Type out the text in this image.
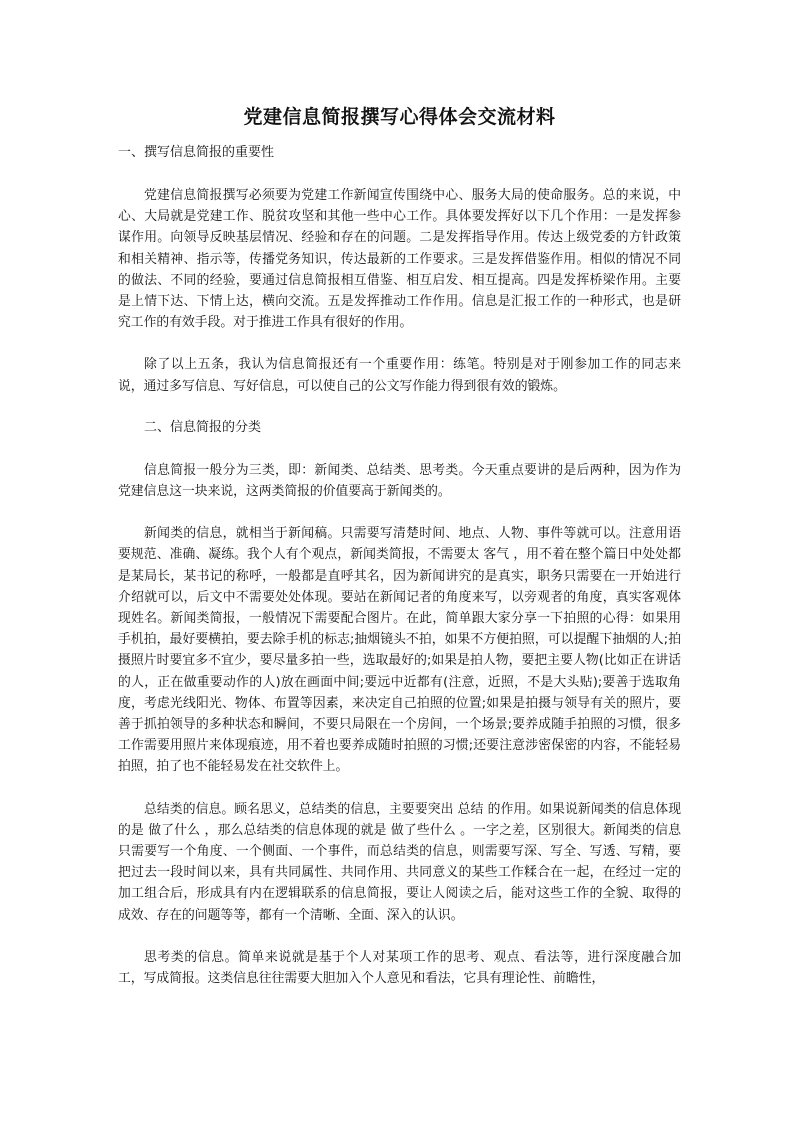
党建信息简报撰写心得体会交流材料

一、撰写信息简报的重要性

党建信息简报撰写必须要为党建工作新闻宣传围绕中心、服务大局的使命服务。总的来说，中心、大局就是党建工作、脱贫攻坚和其他一些中心工作。具体要发挥好以下几个作用：一是发挥参谋作用。向领导反映基层情况、经验和存在的问题。二是发挥指导作用。传达上级党委的方针政策和相关精神、指示等，传播党务知识，传达最新的工作要求。三是发挥借鉴作用。相似的情况不同的做法、不同的经验，要通过信息简报相互借鉴、相互启发、相互提高。四是发挥桥梁作用。主要是上情下达、下情上达，横向交流。五是发挥推动工作作用。信息是汇报工作的一种形式，也是研究工作的有效手段。对于推进工作具有很好的作用。

除了以上五条，我认为信息简报还有一个重要作用：练笔。特别是对于刚参加工作的同志来说，通过多写信息、写好信息，可以使自己的公文写作能力得到很有效的锻炼。

二、信息简报的分类

信息简报一般分为三类，即：新闻类、总结类、思考类。今天重点要讲的是后两种，因为作为党建信息这一块来说，这两类简报的价值要高于新闻类的。

新闻类的信息，就相当于新闻稿。只需要写清楚时间、地点、人物、事件等就可以。注意用语要规范、准确、凝练。我个人有个观点，新闻类简报，不需要太 客气 ，用不着在整个篇日中处处都是某局长，某书记的称呼，一般都是直呼其名，因为新闻讲究的是真实，职务只需要在一开始进行介绍就可以，后文中不需要处处体现。要站在新闻记者的角度来写，以旁观者的角度，真实客观体现姓名。新闻类简报，一般情况下需要配合图片。在此，简单跟大家分享一下拍照的心得：如果用手机拍，最好要横拍，要去除手机的标志;抽烟镜头不拍，如果不方便拍照，可以提醒下抽烟的人;拍摄照片时要宜多不宜少，要尽量多拍一些，选取最好的;如果是拍人物，要把主要人物(比如正在讲话的人，正在做重要动作的人)放在画面中间;要远中近都有(注意，近照，不是大头贴);要善于选取角度，考虑光线阳光、物体、布置等因素，来决定自己拍照的位置;如果是拍摄与领导有关的照片，要善于抓拍领导的多种状态和瞬间，不要只局限在一个房间，一个场景;要养成随手拍照的习惯，很多工作需要用照片来体现痕迹，用不着也要养成随时拍照的习惯;还要注意涉密保密的内容，不能轻易拍照，拍了也不能轻易发在社交软件上。

总结类的信息。顾名思义，总结类的信息，主要要突出 总结 的作用。如果说新闻类的信息体现的是 做了什么 ，那么总结类的信息体现的就是 做了些什么 。一字之差，区别很大。新闻类的信息只需要写一个角度、一个侧面、一个事件，而总结类的信息，则需要写深、写全、写透、写精，要把过去一段时间以来，具有共同属性、共同作用、共同意义的某些工作糅合在一起，在经过一定的加工组合后，形成具有内在逻辑联系的信息简报，要让人阅读之后，能对这些工作的全貌、取得的成效、存在的问题等等，都有一个清晰、全面、深入的认识。

思考类的信息。简单来说就是基于个人对某项工作的思考、观点、看法等，进行深度融合加工，写成简报。这类信息往往需要大胆加入个人意见和看法，它具有理论性、前瞻性，
